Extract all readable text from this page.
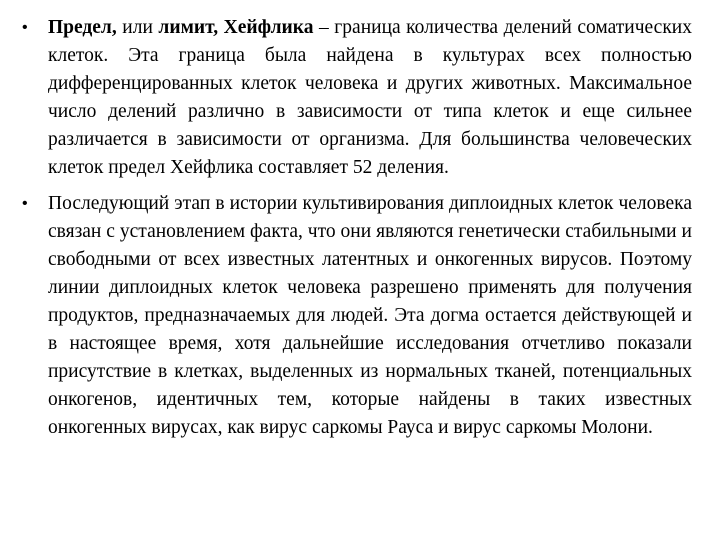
•	Предел, или лимит, Хейфлика – граница количества делений соматических клеток. Эта граница была найдена в культурах всех полностью дифференцированных клеток человека и других животных. Максимальное число делений различно в зависимости от типа клеток и еще сильнее различается в зависимости от организма. Для большинства человеческих клеток предел Хейфлика составляет 52 деления.
•	Последующий этап в истории культивирования диплоидных клеток человека связан с установлением факта, что они являются генетически стабильными и свободными от всех известных латентных и онкогенных вирусов. Поэтому линии диплоидных клеток человека разрешено применять для получения продуктов, предназначаемых для людей. Эта догма остается действующей и в настоящее время, хотя дальнейшие исследования отчетливо показали присутствие в клетках, выделенных из нормальных тканей, потенциальных онкогенов, идентичных тем, которые найдены в таких известных онкогенных вирусах, как вирус саркомы Рауса и вирус саркомы Молони.
